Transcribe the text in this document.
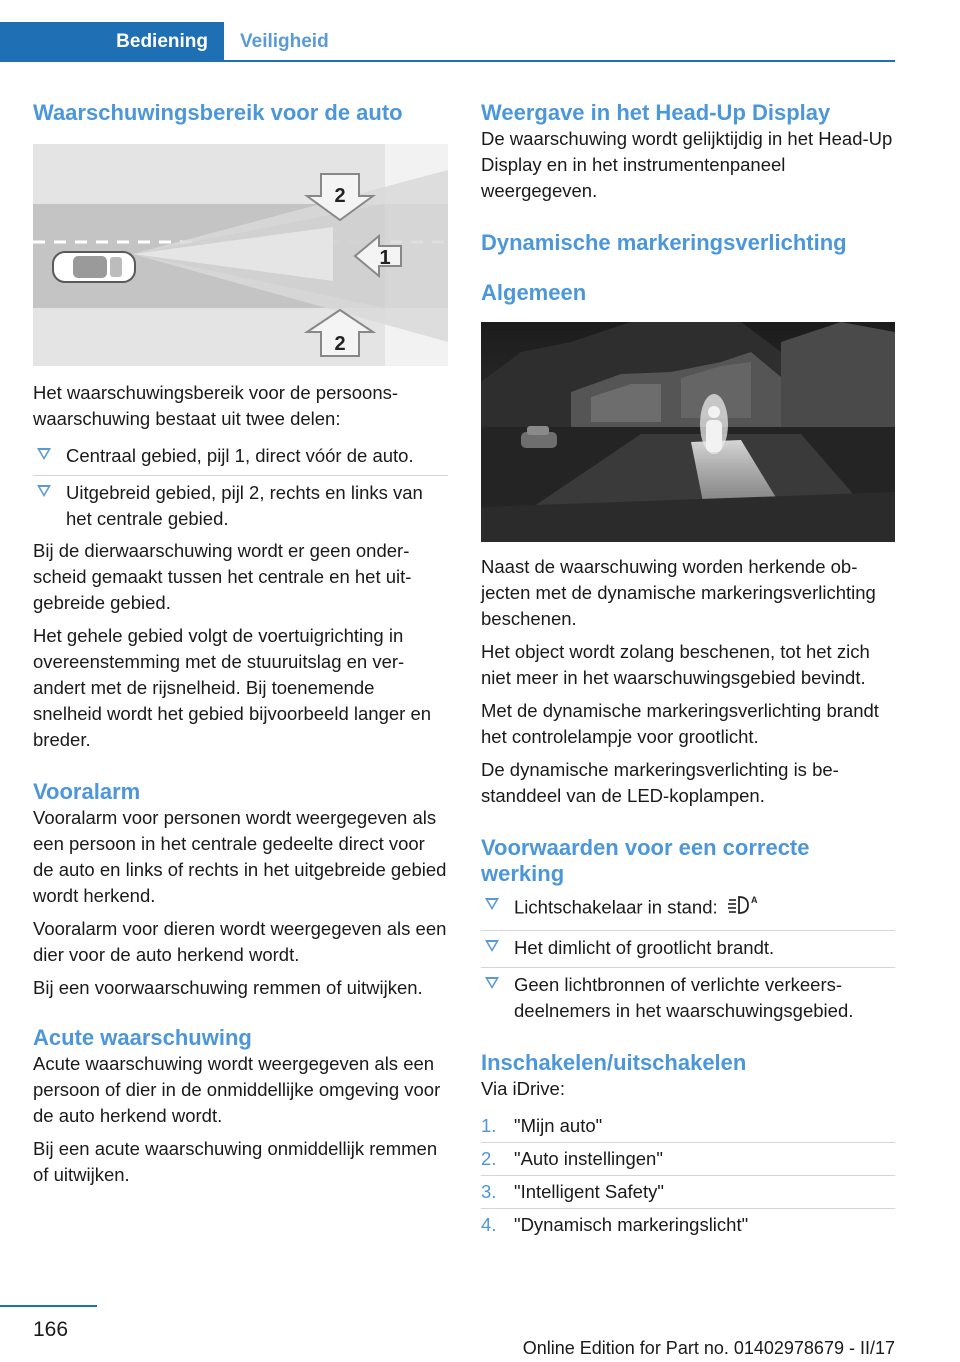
Bediening	Veiligheid
Waarschuwingsbereik voor de auto
2
1
2

Het waarschuwingsbereik voor de persoonswaarschuwing bestaat uit twee delen:

Centraal gebied, pijl 1, direct vóór de auto.
Uitgebreid gebied, pijl 2, rechts en links van het centrale gebied.

Bij de dierwaarschuwing wordt er geen onderscheid gemaakt tussen het centrale en het uitgebreide gebied.

Het gehele gebied volgt de voertuigrichting in overeenstemming met de stuuruitslag en verandert met de rijsnelheid. Bij toenemende snelheid wordt het gebied bijvoorbeeld langer en breder.

Vooralarm

Vooralarm voor personen wordt weergegeven als een persoon in het centrale gedeelte direct voor de auto en links of rechts in het uitgebreide gebied wordt herkend.

Vooralarm voor dieren wordt weergegeven als een dier voor de auto herkend wordt.

Bij een voorwaarschuwing remmen of uitwijken.

Acute waarschuwing

Acute waarschuwing wordt weergegeven als een persoon of dier in de onmiddellijke omgeving voor de auto herkend wordt.

Bij een acute waarschuwing onmiddellijk remmen of uitwijken.

Weergave in het Head-Up Display

De waarschuwing wordt gelijktijdig in het Head-Up Display en in het instrumentenpaneel weergegeven.

Dynamische markeringsverlichting
Algemeen

Naast de waarschuwing worden herkende objecten met de dynamische markeringsverlichting beschenen.

Het object wordt zolang beschenen, tot het zich niet meer in het waarschuwingsgebied bevindt.

Met de dynamische markeringsverlichting brandt het controlelampje voor grootlicht.

De dynamische markeringsverlichting is bestanddeel van de LED-koplampen.

Voorwaarden voor een correcte werking
Lichtschakelaar in stand:	A
Het dimlicht of grootlicht brandt.
Geen lichtbronnen of verlichte verkeersdeelnemers in het waarschuwingsgebied.
Inschakelen/uitschakelen

Via iDrive:

1. "Mijn auto"
2. "Auto instellingen"
3. "Intelligent Safety"
4. "Dynamisch markeringslicht"
166
Online Edition for Part no. 01402978679 - II/17
